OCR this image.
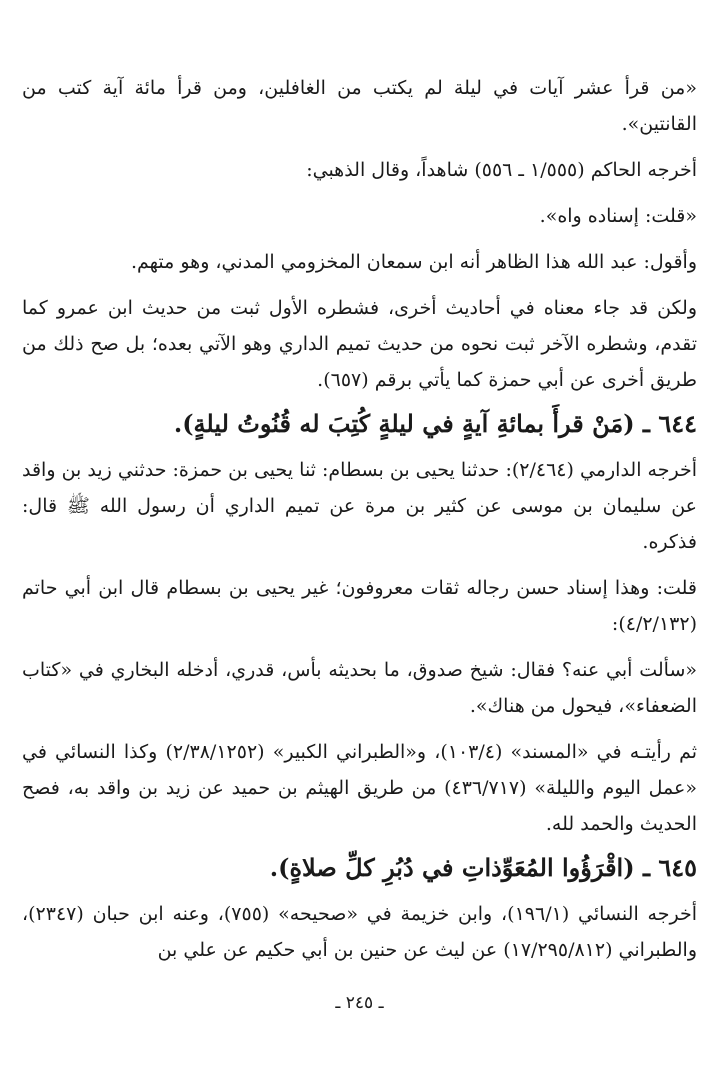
«من قرأ عشر آيات في ليلة لم يكتب من الغافلين، ومن قرأ مائة آية كتب من القانتين».

أخرجه الحاكم (١/٥٥٥ ـ ٥٥٦) شاهداً، وقال الذهبي:

«قلت: إسناده واه».

وأقول: عبد الله هذا الظاهر أنه ابن سمعان المخزومي المدني، وهو متهم.

ولكن قد جاء معناه في أحاديث أخرى، فشطره الأول ثبت من حديث ابن عمرو كما تقدم، وشطره الآخر ثبت نحوه من حديث تميم الداري وهو الآتي بعده؛ بل صح ذلك من طريق أخرى عن أبي حمزة كما يأتي برقم (٦٥٧).

٦٤٤ ـ (مَنْ قرأَ بمائةِ آيةٍ في ليلةٍ كُتِبَ له قُنُوتُ ليلةٍ).

أخرجه الدارمي (٢/٤٦٤): حدثنا يحيى بن بسطام: ثنا يحيى بن حمزة: حدثني زيد بن واقد عن سليمان بن موسى عن كثير بن مرة عن تميم الداري أن رسول الله ﷺ قال: فذكره.

قلت: وهذا إسناد حسن رجاله ثقات معروفون؛ غير يحيى بن بسطام قال ابن أبي حاتم (٤/٢/١٣٢):

«سألت أبي عنه؟ فقال: شيخ صدوق، ما بحديثه بأس، قدري، أدخله البخاري في «كتاب الضعفاء»، فيحول من هناك».

ثم رأيتـه في «المسند» (١٠٣/٤)، و«الطبراني الكبير» (٢/٣٨/١٢٥٢) وكذا النسائي في «عمل اليوم والليلة» (٤٣٦/٧١٧) من طريق الهيثم بن حميد عن زيد بن واقد به، فصح الحديث والحمد لله.

٦٤٥ ـ (اقْرَؤُوا المُعَوِّذاتِ في دُبُرِ كلِّ صلاةٍ).

أخرجه النسائي (١٩٦/١)، وابن خزيمة في «صحيحه» (٧٥٥)، وعنه ابن حبان (٢٣٤٧)، والطبراني (١٧/٢٩٥/٨١٢) عن ليث عن حنين بن أبي حكيم عن علي بن

ـ ٢٤٥ ـ
